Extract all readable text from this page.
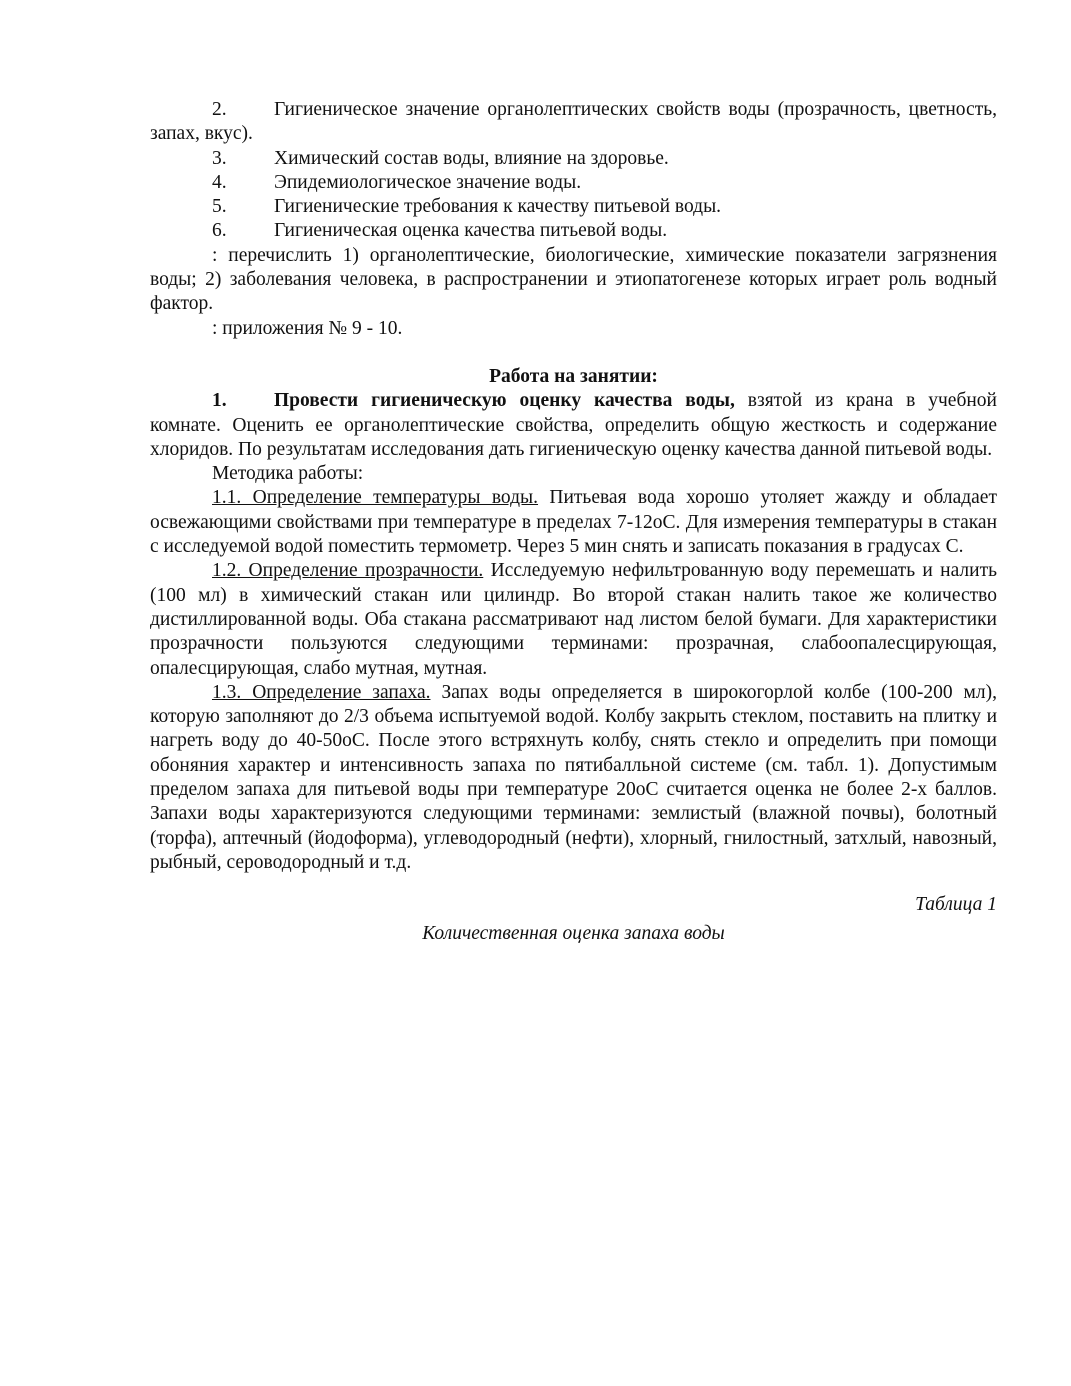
2. Гигиеническое значение органолептических свойств воды (прозрачность, цветность, запах, вкус).
3.	Химический состав воды, влияние на здоровье.
4.	Эпидемиологическое значение воды.
5.	Гигиенические требования к качеству питьевой воды.
6.	Гигиеническая оценка качества питьевой воды.

: перечислить 1) органолептические, биологические, химические показатели загрязнения воды; 2) заболевания человека, в распространении и этиопатогенезе которых играет роль водный фактор.

: приложения № 9 - 10.

Работа на занятии:

1. Провести гигиеническую оценку качества воды, взятой из крана в учебной комнате. Оценить ее органолептические свойства, определить общую жесткость и содержание хлоридов. По результатам исследования дать гигиеническую оценку качества данной питьевой воды.

Методика работы:

1.1. Определение температуры воды. Питьевая вода хорошо утоляет жажду и обладает освежающими свойствами при температуре в пределах 7-12оС. Для измерения температуры в стакан с исследуемой водой поместить термометр. Через 5 мин снять и записать показания в градусах С.

1.2. Определение прозрачности. Исследуемую нефильтрованную воду перемешать и налить (100 мл) в химический стакан или цилиндр. Во второй стакан налить такое же количество дистиллированной воды. Оба стакана рассматривают над листом белой бумаги. Для характеристики прозрачности пользуются следующими терминами: прозрачная, слабоопалесцирующая, опалесцирующая, слабо мутная, мутная.

1.3. Определение запаха. Запах воды определяется в широкогорлой колбе (100-200 мл), которую заполняют до 2/3 объема испытуемой водой. Колбу закрыть стеклом, поставить на плитку и нагреть воду до 40-50оС. После этого встряхнуть колбу, снять стекло и определить при помощи обоняния характер и интенсивность запаха по пятибалльной системе (см. табл. 1). Допустимым пределом запаха для питьевой воды при температуре 20оС считается оценка не более 2-х баллов. Запахи воды характеризуются следующими терминами: землистый (влажной почвы), болотный (торфа), аптечный (йодоформа), углеводородный (нефти), хлорный, гнилостный, затхлый, навозный, рыбный, сероводородный и т.д.

Таблица 1

Количественная оценка запаха воды
